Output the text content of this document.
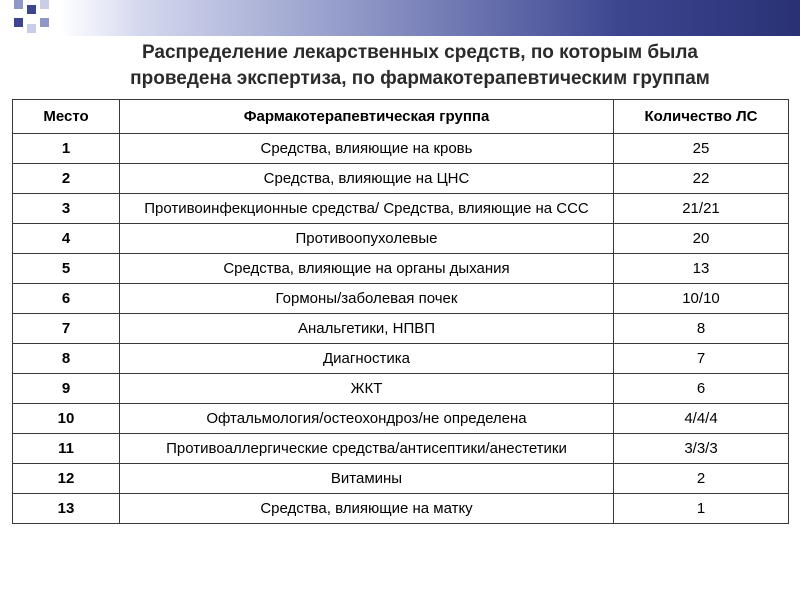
Распределение лекарственных средств, по которым была
проведена экспертиза, по фармакотерапевтическим группам
Место	Фармакотерапевтическая группа	Количество ЛС
1	Средства, влияющие на кровь	25
2	Средства, влияющие на ЦНС	22
3	Противоинфекционные средства/ Средства, влияющие на ССС	21/21
4	Противоопухолевые	20
5	Средства, влияющие на органы дыхания	13
6	Гормоны/заболевая почек	10/10
7	Анальгетики, НПВП	8
8	Диагностика	7
9	ЖКТ	6
10	Офтальмология/остеохондроз/не определена	4/4/4
11	Противоаллергические средства/антисептики/анестетики	3/3/3
12	Витамины	2
13	Средства, влияющие на матку	1
